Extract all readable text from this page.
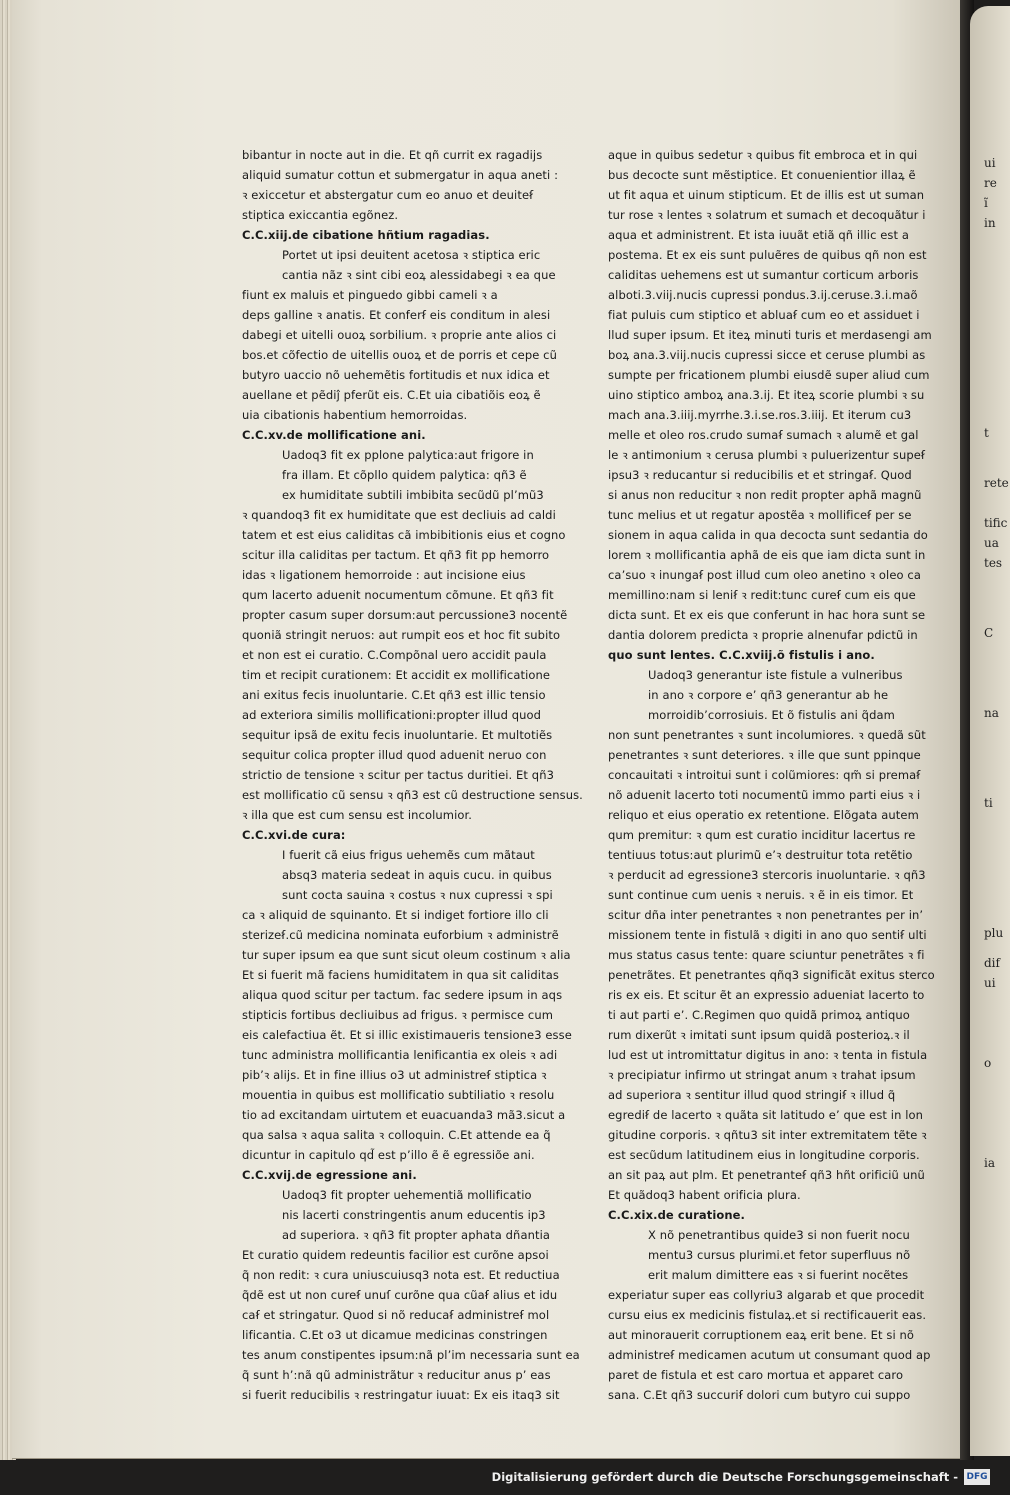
bibantur in nocte aut in die. Et qñ currit ex ragadijs
aliquid sumatur cottun et submergatur in aqua aneti :
ꝛ exiccetur et abstergatur cum eo anuo et deuiteẜ
stiptica exiccantia egõnez.
C.C.xiij.de cibatione hñtium ragadias.
Portet ut ipsi deuitent acetosa ꝛ stiptica eric
cantia nãz ꝛ sint cibi eoꝝ alessidabegi ꝛ ea que
fiunt ex maluis et pinguedo gibbi cameli ꝛ a
deps galline ꝛ anatis. Et conferẜ eis conditum in alesi
dabegi et uitelli ouoꝝ sorbilium. ꝛ proprie ante alios ci
bos.et cõfectio de uitellis ouoꝝ et de porris et cepe cũ
butyro uaccio nõ uehemẽtis fortitudis et nux idica et
auellane et pẽdiĵ pferũt eis. C.Et uia cibatiõis eoꝝ ẽ
uia cibationis habentium hemorroidas.
C.C.xv.de mollificatione ani.
Uadoq3 fit ex pplone palytica:aut frigore in
fra illam. Et cõpllo quidem palytica: qñ3 ẽ
ex humiditate subtili imbibita secũdũ pl’mũ3
ꝛ quandoq3 fit ex humiditate que est decliuis ad caldi
tatem et est eius caliditas cã imbibitionis eius et cogno
scitur illa caliditas per tactum. Et qñ3 fit pp hemorro
idas ꝛ ligationem hemorroide : aut incisione eius
qum lacerto aduenit nocumentum cõmune. Et qñ3 fit
propter casum super dorsum:aut percussione3 nocentẽ
quoniã stringit neruos: aut rumpit eos et hoc fit subito
et non est ei curatio. C.Compõnal uero accidit paula
tim et recipit curationem: Et accidit ex mollificatione
ani exitus fecis inuoluntarie. C.Et qñ3 est illic tensio
ad exteriora similis mollificationi:propter illud quod
sequitur ipsã de exitu fecis inuoluntarie. Et multotiẽs
sequitur colica propter illud quod aduenit neruo con
strictio de tensione ꝛ scitur per tactus duritiei. Et qñ3
est mollificatio cũ sensu ꝛ qñ3 est cũ destructione sensus.
ꝛ illa que est cum sensu est incolumior.
C.C.xvi.de cura:
I fuerit cã eius frigus uehemẽs cum mãtaut
absq3 materia sedeat in aquis cucu. in quibus
sunt cocta sauina ꝛ costus ꝛ nux cupressi ꝛ spi
ca ꝛ aliquid de squinanto. Et si indiget fortiore illo cli
sterizeẜ.cũ medicina nominata euforbium ꝛ administrẽ
tur super ipsum ea que sunt sicut oleum costinum ꝛ alia
Et si fuerit mã faciens humiditatem in qua sit caliditas
aliqua quod scitur per tactum. fac sedere ipsum in aqs
stipticis fortibus decliuibus ad frigus. ꝛ permisce cum
eis calefactiua ẽt. Et si illic existimaueris tensione3 esse
tunc administra mollificantia lenificantia ex oleis ꝛ adi
pib’ꝛ alijs. Et in fine illius o3 ut administreẜ stiptica ꝛ
mouentia in quibus est mollificatio subtiliatio ꝛ resolu
tio ad excitandam uirtutem et euacuanda3 mã3.sicut a
qua salsa ꝛ aqua salita ꝛ colloquin. C.Et attende ea q̃
dicuntur in capitulo qd̃ est p’illo ẽ ẽ egressiõe ani.
C.C.xvij.de egressione ani.
Uadoq3 fit propter uehementiã mollificatio
nis lacerti constringentis anum educentis ip3
ad superiora. ꝛ qñ3 fit propter aphata dñantia
Et curatio quidem redeuntis facilior est curõne apsoi
q̃ non redit: ꝛ cura uniuscuiusq3 nota est. Et reductiua
q̃dẽ est ut non cureẜ unuſ curõne qua cũaẜ alius et idu
caẜ et stringatur. Quod si nõ reducaẜ administreẜ mol
lificantia. C.Et o3 ut dicamue medicinas constringen
tes anum constipentes ipsum:nã pl’im necessaria sunt ea
q̃ sunt h’:nã qũ administrãtur ꝛ reducitur anus p’ eas
si fuerit reducibilis ꝛ restringatur iuuat: Ex eis itaq3 sit
aque in quibus sedetur ꝛ quibus fit embroca et in qui
bus decocte sunt mẽstiptice. Et conuenientior illaꝝ ẽ
ut fit aqua et uinum stipticum. Et de illis est ut suman
tur rose ꝛ lentes ꝛ solatrum et sumach et decoquãtur i
aqua et administrent. Et ista iuuãt etiã qñ illic est a
postema. Et ex eis sunt puluẽres de quibus qñ non est
caliditas uehemens est ut sumantur corticum arboris
alboti.3.viij.nucis cupressi pondus.3.ij.ceruse.3.i.maõ
fiat puluis cum stiptico et abluaẜ cum eo et assiduet i
llud super ipsum. Et iteꝝ minuti turis et merdasengi am
boꝝ ana.3.viij.nucis cupressi sicce et ceruse plumbi as
sumpte per fricationem plumbi eiusdẽ super aliud cum
uino stiptico amboꝝ ana.3.ij. Et iteꝝ scorie plumbi ꝛ su
mach ana.3.iiij.myrrhe.3.i.se.ros.3.iiij. Et iterum cu3
melle et oleo ros.crudo sumaẜ sumach ꝛ alumẽ et gal
le ꝛ antimonium ꝛ cerusa plumbi ꝛ puluerizentur supeẜ
ipsu3 ꝛ reducantur si reducibilis et et stringaẜ. Quod
si anus non reducitur ꝛ non redit propter aphã magnũ
tunc melius et ut regatur apostẽa ꝛ mollificeẜ per se
sionem in aqua calida in qua decocta sunt sedantia do
lorem ꝛ mollificantia aphã de eis que iam dicta sunt in
ca’suo ꝛ inungaẜ post illud cum oleo anetino ꝛ oleo ca
memillino:nam si leniẜ ꝛ redit:tunc cureẜ cum eis que
dicta sunt. Et ex eis que conferunt in hac hora sunt se
dantia dolorem predicta ꝛ proprie alnenufar pdictũ in
quo sunt lentes. C.C.xviij.õ fistulis i ano.
Uadoq3 generantur iste fistule a vulneribus
in ano ꝛ corpore e’ qñ3 generantur ab he
morroidib’corrosiuis. Et õ fistulis ani q̃dam
non sunt penetrantes ꝛ sunt incolumiores. ꝛ quedã sũt
penetrantes ꝛ sunt deteriores. ꝛ ille que sunt ppinque
concauitati ꝛ introitui sunt i colũmiores: qm̃ si premaẜ
nõ aduenit lacerto toti nocumentũ immo parti eius ꝛ i
reliquo et eius operatio ex retentione. Elõgata autem
qum premitur: ꝛ qum est curatio inciditur lacertus re
tentiuus totus:aut plurimũ e’ꝛ destruitur tota retẽtio
ꝛ perducit ad egressione3 stercoris inuoluntarie. ꝛ qñ3
sunt continue cum uenis ꝛ neruis. ꝛ ẽ in eis timor. Et
scitur dña inter penetrantes ꝛ non penetrantes per in’
missionem tente in fistulã ꝛ digiti in ano quo sentiẜ ulti
mus status casus tente: quare sciuntur penetrãtes ꝛ fi
penetrãtes. Et penetrantes qñq3 significãt exitus sterco
ris ex eis. Et scitur ẽt an expressio adueniat lacerto to
ti aut parti e’. C.Regimen quo quidã primoꝝ antiquo
rum dixerũt ꝛ imitati sunt ipsum quidã posterioꝝ.ꝛ il
lud est ut intromittatur digitus in ano: ꝛ tenta in fistula
ꝛ precipiatur infirmo ut stringat anum ꝛ trahat ipsum
ad superiora ꝛ sentitur illud quod stringiẜ ꝛ illud q̃
egrediẜ de lacerto ꝛ quãta sit latitudo e’ que est in lon
gitudine corporis. ꝛ qñtu3 sit inter extremitatem tẽte ꝛ
est secũdum latitudinem eius in longitudine corporis.
an sit paꝝ aut plm. Et penetranteẜ qñ3 hñt orificiũ unũ
Et quãdoq3 habent orificia plura.
C.C.xix.de curatione.
X nõ penetrantibus quide3 si non fuerit nocu
mentu3 cursus plurimi.et fetor superfluus nõ
erit malum dimittere eas ꝛ si fuerint nocẽtes
experiatur super eas collyriu3 algarab et que procedit
cursu eius ex medicinis fistulaꝝ.et si rectificauerit eas.
aut minorauerit corruptionem eaꝝ erit bene. Et si nõ
administreẜ medicamen acutum ut consumant quod ap
paret de fistula et est caro mortua et apparet caro
sana. C.Et qñ3 succuriẜ dolori cum butyro cui suppo
ui
re
ĩ
in
t
rete
tific
ua
tes
C
na
ti
plu
dif
ui
o
ia
Digitalisierung gefördert durch die Deutsche Forschungsgemeinschaft - DFG
